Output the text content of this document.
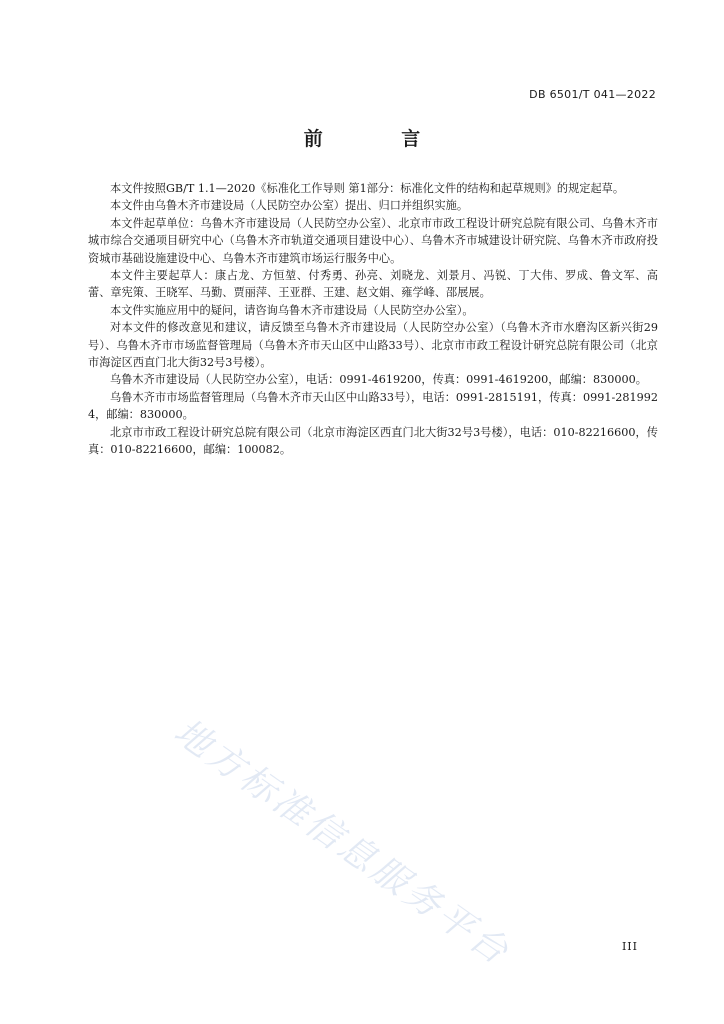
DB 6501/T 041—2022
前 言

本文件按照GB/T 1.1—2020《标准化工作导则 第1部分：标准化文件的结构和起草规则》的规定起草。

本文件由乌鲁木齐市建设局（人民防空办公室）提出、归口并组织实施。

本文件起草单位：乌鲁木齐市建设局（人民防空办公室）、北京市市政工程设计研究总院有限公司、乌鲁木齐市城市综合交通项目研究中心（乌鲁木齐市轨道交通项目建设中心）、乌鲁木齐市城建设计研究院、乌鲁木齐市政府投资城市基础设施建设中心、乌鲁木齐市建筑市场运行服务中心。

本文件主要起草人：康占龙、方恒堃、付秀勇、孙亮、刘晓龙、刘景月、冯锐、丁大伟、罗成、鲁文军、高蕾、章宪策、王晓军、马勤、贾丽萍、王亚群、王建、赵文娟、雍学峰、邵展展。

本文件实施应用中的疑问，请咨询乌鲁木齐市建设局（人民防空办公室）。

对本文件的修改意见和建议，请反馈至乌鲁木齐市建设局（人民防空办公室）（乌鲁木齐市水磨沟区新兴街29号）、乌鲁木齐市市场监督管理局（乌鲁木齐市天山区中山路33号）、北京市市政工程设计研究总院有限公司（北京市海淀区西直门北大街32号3号楼）。

乌鲁木齐市建设局（人民防空办公室），电话：0991-4619200，传真：0991-4619200，邮编：830000。

乌鲁木齐市市场监督管理局（乌鲁木齐市天山区中山路33号），电话：0991-2815191，传真：0991-2819924，邮编：830000。

北京市市政工程设计研究总院有限公司（北京市海淀区西直门北大街32号3号楼），电话：010-82216600，传真：010-82216600，邮编：100082。

地方标准信息服务平台	III
